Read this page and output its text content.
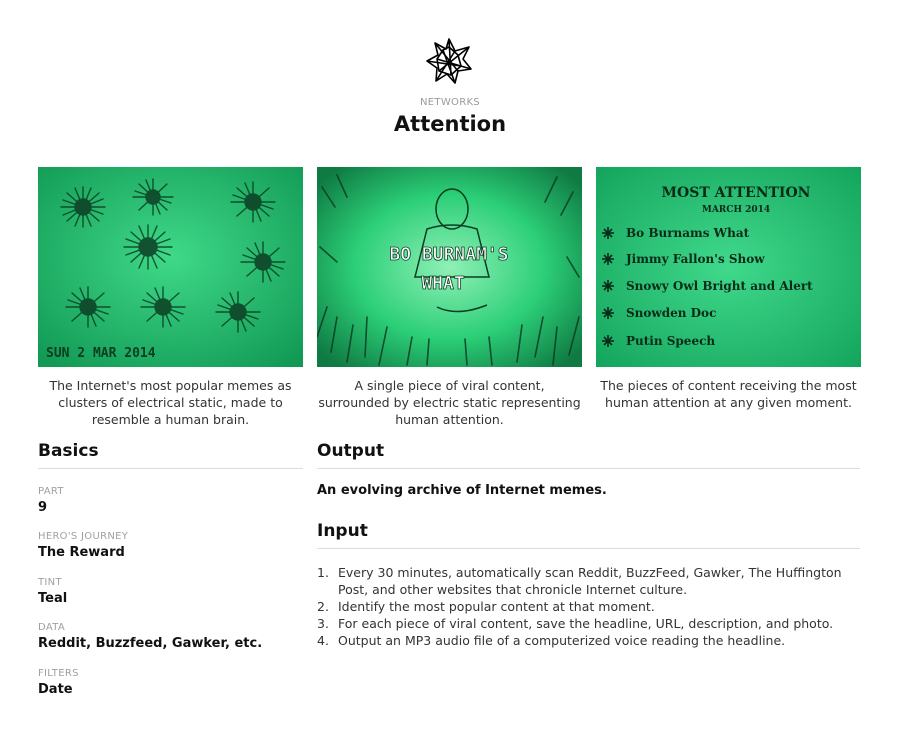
NETWORKS
Attention
SUN 2 MAR 2014
BO BURNAM'S
WHAT
MOST ATTENTION
MARCH 2014
Bo Burnams What
Jimmy Fallon's Show
Snowy Owl Bright and Alert
Snowden Doc
Putin Speech
The Internet's most popular memes as clusters of electrical static, made to resemble a human brain.
A single piece of viral content, surrounded by electric static representing human attention.
The pieces of content receiving the most human attention at any given moment.
Basics
PART
9
HERO'S JOURNEY
The Reward
TINT
Teal
DATA
Reddit, Buzzfeed, Gawker, etc.
FILTERS
Date
Output
An evolving archive of Internet memes.
Input
1. Every 30 minutes, automatically scan Reddit, BuzzFeed, Gawker, The Huffington Post, and other websites that chronicle Internet culture.
2. Identify the most popular content at that moment.
3. For each piece of viral content, save the headline, URL, description, and photo.
4. Output an MP3 audio file of a computerized voice reading the headline.
